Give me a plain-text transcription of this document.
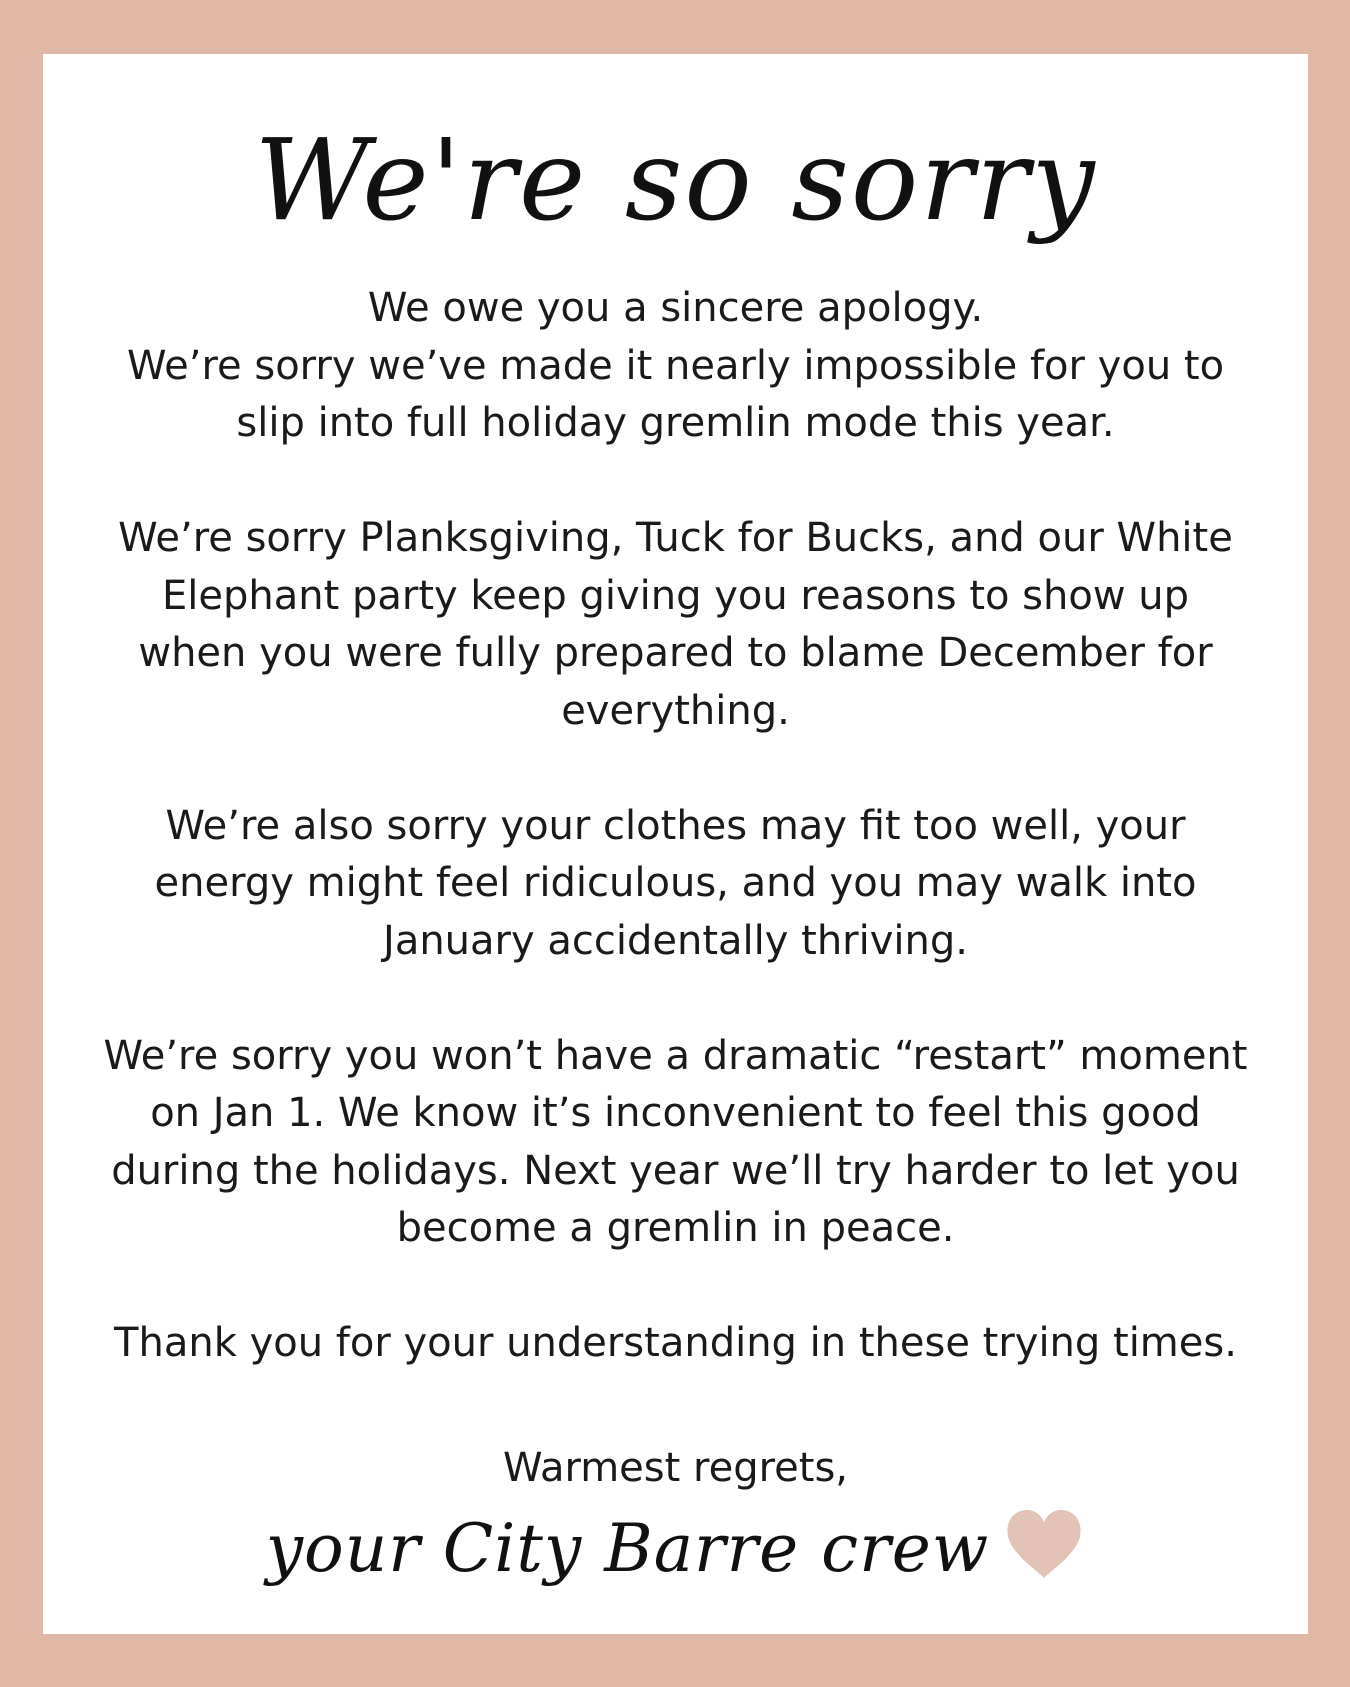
We're so sorry

We owe you a sincere apology.
We’re sorry we’ve made it nearly impossible for you to
slip into full holiday gremlin mode this year.

We’re sorry Planksgiving, Tuck for Bucks, and our White
Elephant party keep giving you reasons to show up
when you were fully prepared to blame December for
everything.

We’re also sorry your clothes may fit too well, your
energy might feel ridiculous, and you may walk into
January accidentally thriving.

We’re sorry you won’t have a dramatic “restart” moment
on Jan 1. We know it’s inconvenient to feel this good
during the holidays. Next year we’ll try harder to let you
become a gremlin in peace.

Thank you for your understanding in these trying times.

Warmest regrets,
your City Barre crew
